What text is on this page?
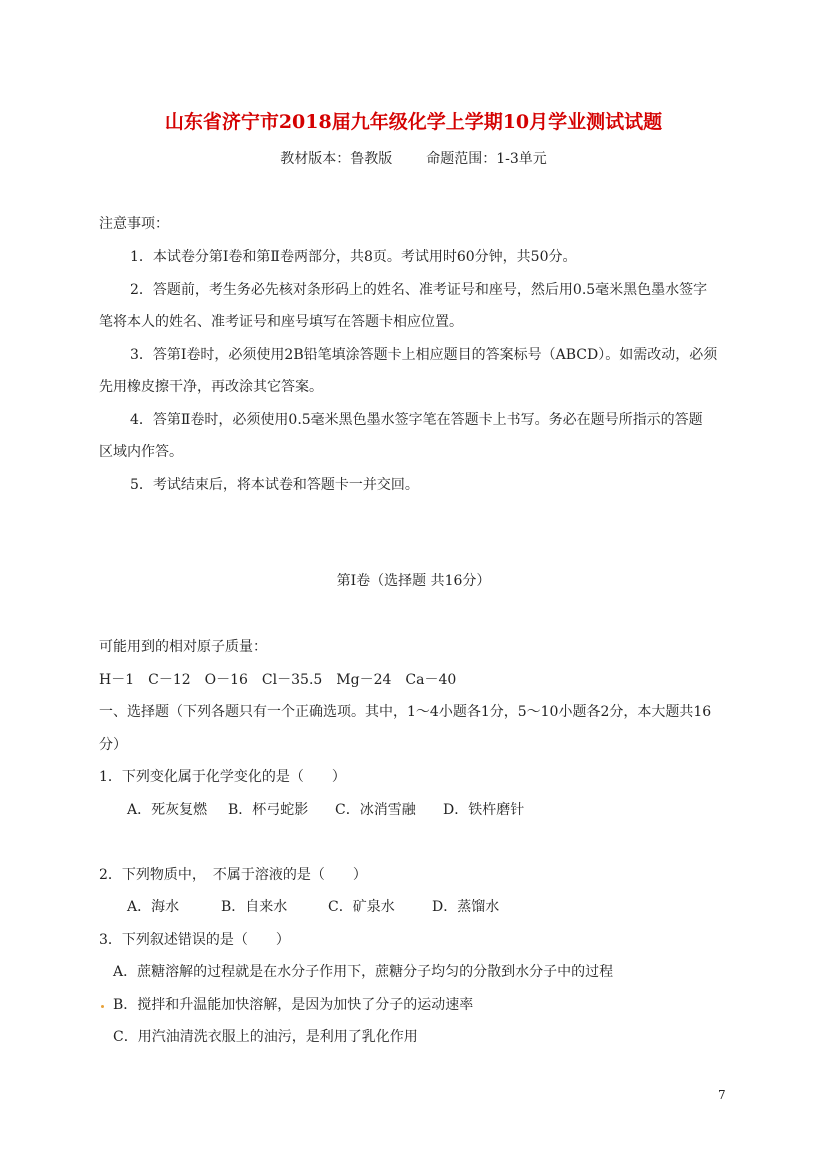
山东省济宁市2018届九年级化学上学期10月学业测试试题
教材版本：鲁教版 命题范围：1-3单元
注意事项：
1．本试卷分第Ⅰ卷和第Ⅱ卷两部分，共8页。考试用时60分钟，共50分。
2．答题前，考生务必先核对条形码上的姓名、准考证号和座号，然后用0.5毫米黑色墨水签字
笔将本人的姓名、准考证号和座号填写在答题卡相应位置。
3．答第Ⅰ卷时，必须使用2B铅笔填涂答题卡上相应题目的答案标号（ABCD）。如需改动，必须
先用橡皮擦干净，再改涂其它答案。
4．答第Ⅱ卷时，必须使用0.5毫米黑色墨水签字笔在答题卡上书写。务必在题号所指示的答题
区域内作答。
5．考试结束后，将本试卷和答题卡一并交回。
第Ⅰ卷（选择题 共16分）
可能用到的相对原子质量：
H－1　C－12　O－16　Cl－35.5　Mg－24　Ca－40
一、选择题（下列各题只有一个正确选项。其中，1～4小题各1分，5～10小题各2分，本大题共16
分）
1．下列变化属于化学变化的是（　　）
A．死灰复燃 B．杯弓蛇影 C．冰消雪融 D．铁杵磨针
2．下列物质中，　不属于溶液的是（　　）
A．海水	B．自来水	C．矿泉水	D．蒸馏水
3．下列叙述错误的是（　　）
A．蔗糖溶解的过程就是在水分子作用下，蔗糖分子均匀的分散到水分子中的过程
B．搅拌和升温能加快溶解，是因为加快了分子的运动速率
C．用汽油清洗衣服上的油污，是利用了乳化作用
7
